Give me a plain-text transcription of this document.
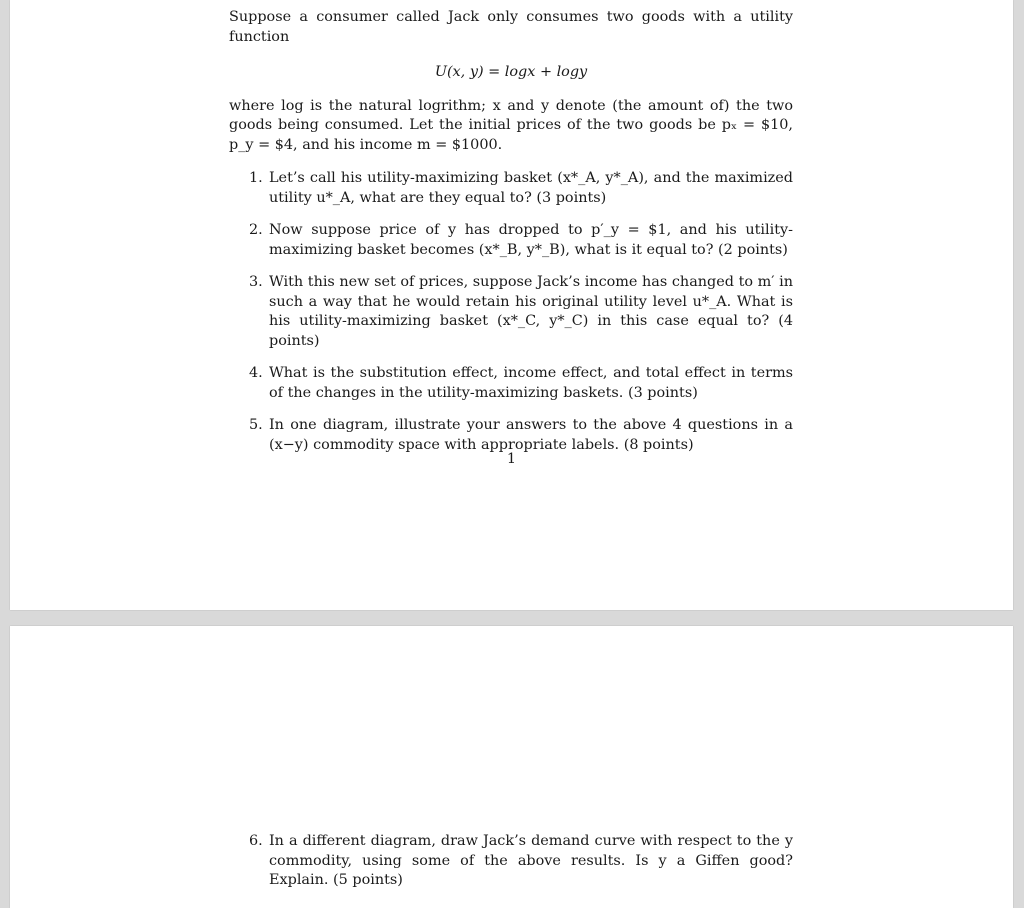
Suppose a consumer called Jack only consumes two goods with a utility function

U(x, y) = logx + logy

where log is the natural logrithm; x and y denote (the amount of) the two goods being consumed. Let the initial prices of the two goods be pₓ = $10, p_y = $4, and his income m = $1000.

1. Let’s call his utility-maximizing basket (x*_A, y*_A), and the maximized utility u*_A, what are they equal to? (3 points)
2. Now suppose price of y has dropped to p′_y = $1, and his utility-maximizing basket becomes (x*_B, y*_B), what is it equal to? (2 points)
3. With this new set of prices, suppose Jack’s income has changed to m′ in such a way that he would retain his original utility level u*_A. What is his utility-maximizing basket (x*_C, y*_C) in this case equal to? (4 points)
4. What is the substitution effect, income effect, and total effect in terms of the changes in the utility-maximizing baskets. (3 points)
5. In one diagram, illustrate your answers to the above 4 questions in a (x−y) commodity space with appropriate labels. (8 points)
1
6. In a different diagram, draw Jack’s demand curve with respect to the y commodity, using some of the above results. Is y a Giffen good? Explain. (5 points)
